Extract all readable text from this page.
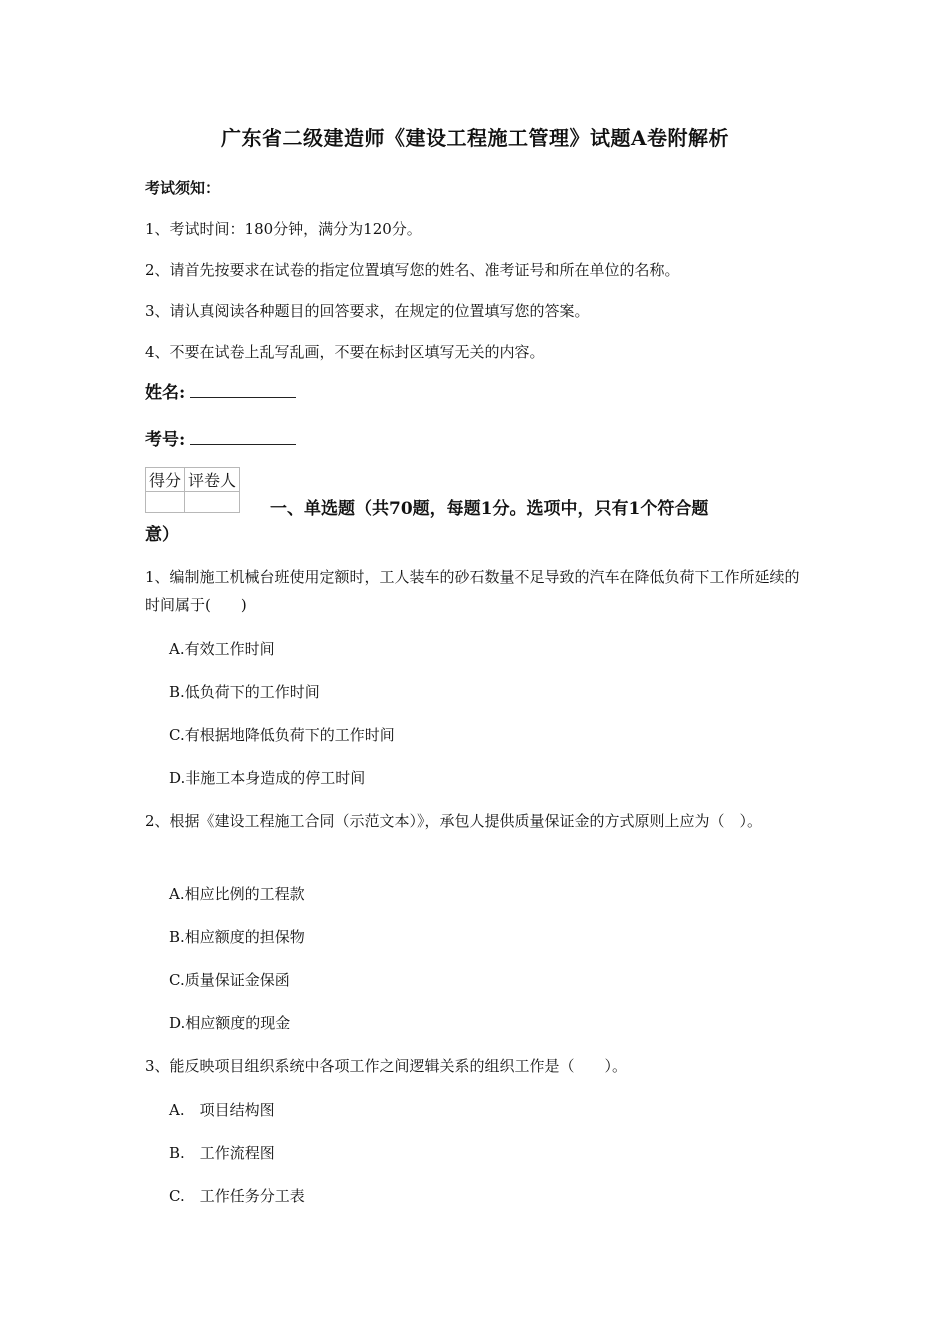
广东省二级建造师《建设工程施工管理》试题A卷附解析
考试须知：
1、考试时间：180分钟，满分为120分。
2、请首先按要求在试卷的指定位置填写您的姓名、准考证号和所在单位的名称。
3、请认真阅读各种题目的回答要求，在规定的位置填写您的答案。
4、不要在试卷上乱写乱画，不要在标封区填写无关的内容。
姓名:
考号:
得分	评卷人

一、单选题（共70题，每题1分。选项中，只有1个符合题
意）
1、编制施工机械台班使用定额时，工人装车的砂石数量不足导致的汽车在降低负荷下工作所延续的时间属于(　　)
A.有效工作时间
B.低负荷下的工作时间
C.有根据地降低负荷下的工作时间
D.非施工本身造成的停工时间
2、根据《建设工程施工合同（示范文本）》，承包人提供质量保证金的方式原则上应为（　）。
A.相应比例的工程款
B.相应额度的担保物
C.质量保证金保函
D.相应额度的现金
3、能反映项目组织系统中各项工作之间逻辑关系的组织工作是（　　）。
A.　项目结构图
B.　工作流程图
C.　工作任务分工表
